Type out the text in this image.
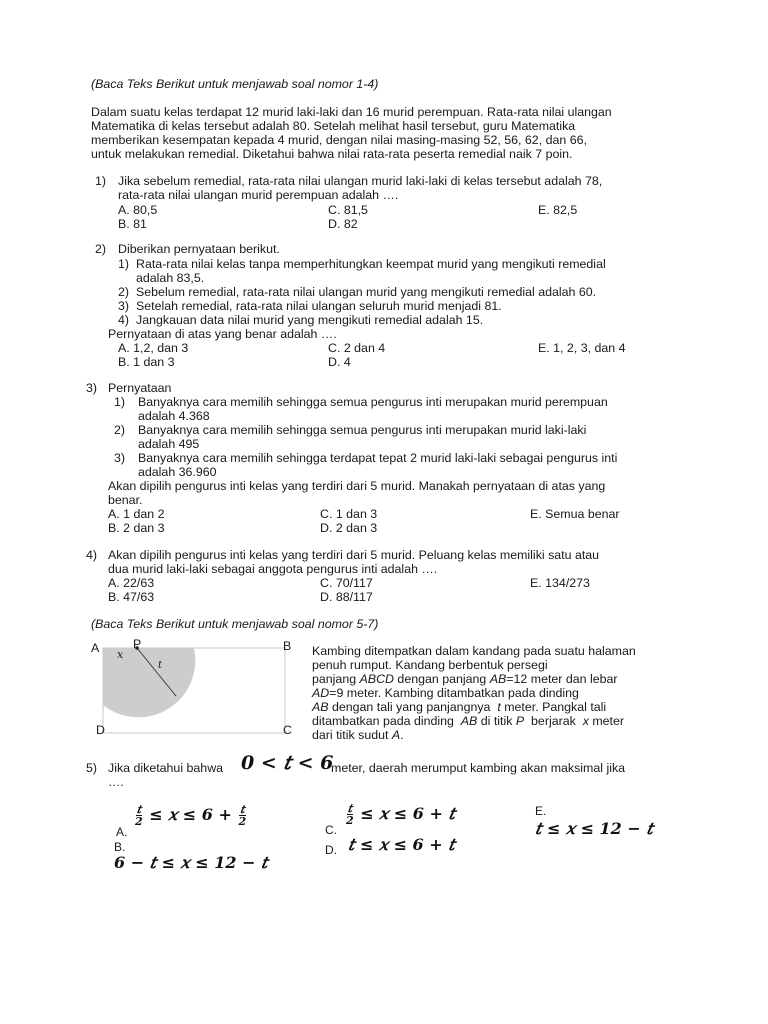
(Baca Teks Berikut untuk menjawab soal nomor 1-4)
Dalam suatu kelas terdapat 12 murid laki-laki dan 16 murid perempuan. Rata-rata nilai ulangan
Matematika di kelas tersebut adalah 80. Setelah melihat hasil tersebut, guru Matematika
memberikan kesempatan kepada 4 murid, dengan nilai masing-masing 52, 56, 62, dan 66,
untuk melakukan remedial. Diketahui bahwa nilai rata-rata peserta remedial naik 7 poin.
1) Jika sebelum remedial, rata-rata nilai ulangan murid laki-laki di kelas tersebut adalah 78,
rata-rata nilai ulangan murid perempuan adalah ….
A. 80,5
B. 81
C. 81,5
D. 82
E. 82,5
2) Diberikan pernyataan berikut.
1) Rata-rata nilai kelas tanpa memperhitungkan keempat murid yang mengikuti remedial
adalah 83,5.
2) Sebelum remedial, rata-rata nilai ulangan murid yang mengikuti remedial adalah 60.
3) Setelah remedial, rata-rata nilai ulangan seluruh murid menjadi 81.
4) Jangkauan data nilai murid yang mengikuti remedial adalah 15.
Pernyataan di atas yang benar adalah ….
A. 1,2, dan 3
B. 1 dan 3
C. 2 dan 4
D. 4
E. 1, 2, 3, dan 4
3) Pernyataan
1) Banyaknya cara memilih sehingga semua pengurus inti merupakan murid perempuan
adalah 4.368
2) Banyaknya cara memilih sehingga semua pengurus inti merupakan murid laki-laki
adalah 495
3) Banyaknya cara memilih sehingga terdapat tepat 2 murid laki-laki sebagai pengurus inti
adalah 36.960
Akan dipilih pengurus inti kelas yang terdiri dari 5 murid. Manakah pernyataan di atas yang
benar.
A. 1 dan 2
B. 2 dan 3
C. 1 dan 3
D. 2 dan 3
E. Semua benar
4) Akan dipilih pengurus inti kelas yang terdiri dari 5 murid. Peluang kelas memiliki satu atau
dua murid laki-laki sebagai anggota pengurus inti adalah ….
A. 22/63
B. 47/63
C. 70/117
D. 88/117
E. 134/273
(Baca Teks Berikut untuk menjawab soal nomor 5-7)
A	P	B
D	C
x
t
Kambing ditempatkan dalam kandang pada suatu halaman
penuh rumput. Kandang berbentuk persegi
panjang ABCD dengan panjang AB=12 meter dan lebar
AD=9 meter. Kambing ditambatkan pada dinding
AB dengan tali yang panjangnya  t meter. Pangkal tali
ditambatkan pada dinding  AB di titik P  berjarak  x meter
dari titik sudut A.
5) Jika diketahui bahwa 0 < 𝑡 < 6
meter, daerah merumput kambing akan maksimal jika
….
A.
$\frac{\text{𝑡}}{2}$ ≤ 𝑥 ≤ $6 + \frac{\text{𝑡}}{2}$
B.
6 − 𝑡 ≤ 𝑥 ≤ 12 − 𝑡
C.
$\frac{\text{𝑡}}{2}$ ≤ 𝑥 ≤ 6 + 𝑡
D. 𝑡 ≤ 𝑥 ≤ 6 + 𝑡
E.
𝑡 ≤ 𝑥 ≤ 12 − 𝑡
